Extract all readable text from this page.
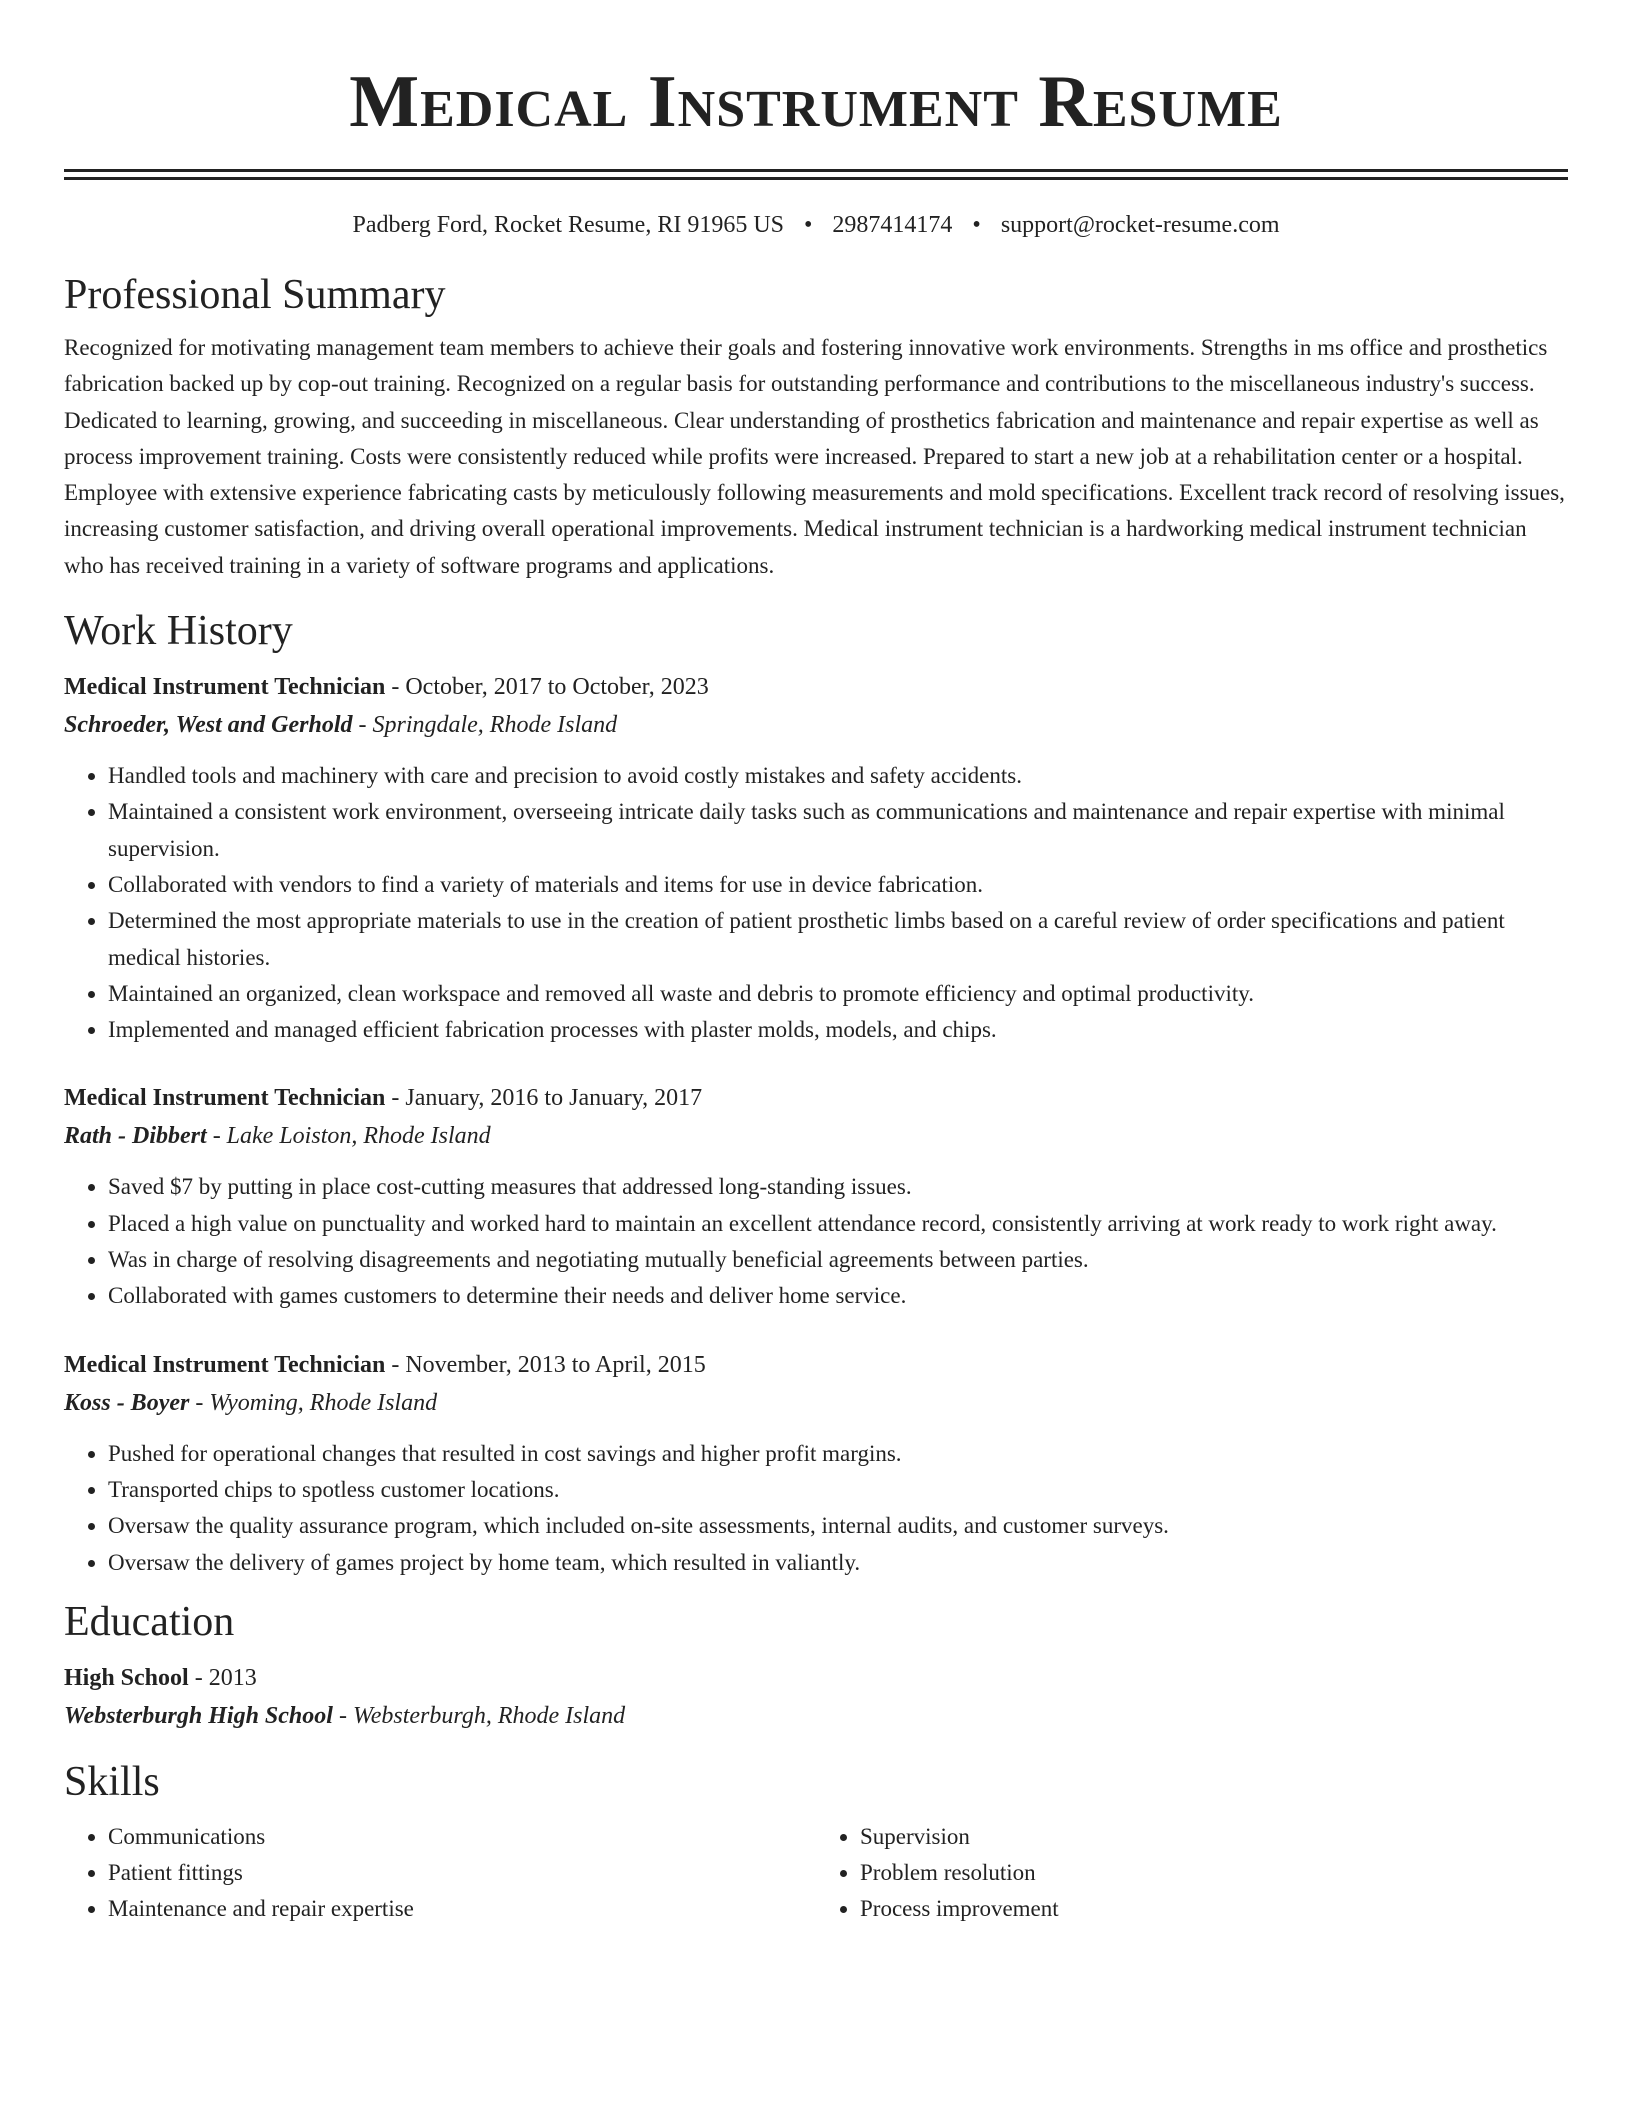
Medical Instrument Resume
Padberg Ford, Rocket Resume, RI 91965 US • 2987414174 • support@rocket-resume.com
Professional Summary

Recognized for motivating management team members to achieve their goals and fostering innovative work environments. Strengths in ms office and prosthetics fabrication backed up by cop-out training. Recognized on a regular basis for outstanding performance and contributions to the miscellaneous industry's success. Dedicated to learning, growing, and succeeding in miscellaneous. Clear understanding of prosthetics fabrication and maintenance and repair expertise as well as process improvement training. Costs were consistently reduced while profits were increased. Prepared to start a new job at a rehabilitation center or a hospital. Employee with extensive experience fabricating casts by meticulously following measurements and mold specifications. Excellent track record of resolving issues, increasing customer satisfaction, and driving overall operational improvements. Medical instrument technician is a hardworking medical instrument technician who has received training in a variety of software programs and applications.

Work History
Medical Instrument Technician - October, 2017 to October, 2023
Schroeder, West and Gerhold - Springdale, Rhode Island
• Handled tools and machinery with care and precision to avoid costly mistakes and safety accidents.
• Maintained a consistent work environment, overseeing intricate daily tasks such as communications and maintenance and repair expertise with minimal supervision.
• Collaborated with vendors to find a variety of materials and items for use in device fabrication.
• Determined the most appropriate materials to use in the creation of patient prosthetic limbs based on a careful review of order specifications and patient medical histories.
• Maintained an organized, clean workspace and removed all waste and debris to promote efficiency and optimal productivity.
• Implemented and managed efficient fabrication processes with plaster molds, models, and chips.
Medical Instrument Technician - January, 2016 to January, 2017
Rath - Dibbert - Lake Loiston, Rhode Island
• Saved $7 by putting in place cost-cutting measures that addressed long-standing issues.
• Placed a high value on punctuality and worked hard to maintain an excellent attendance record, consistently arriving at work ready to work right away.
• Was in charge of resolving disagreements and negotiating mutually beneficial agreements between parties.
• Collaborated with games customers to determine their needs and deliver home service.
Medical Instrument Technician - November, 2013 to April, 2015
Koss - Boyer - Wyoming, Rhode Island
• Pushed for operational changes that resulted in cost savings and higher profit margins.
• Transported chips to spotless customer locations.
• Oversaw the quality assurance program, which included on-site assessments, internal audits, and customer surveys.
• Oversaw the delivery of games project by home team, which resulted in valiantly.
Education
High School - 2013
Websterburgh High School - Websterburgh, Rhode Island
Skills
• Communications
• Patient fittings
• Maintenance and repair expertise
• Supervision
• Problem resolution
• Process improvement
